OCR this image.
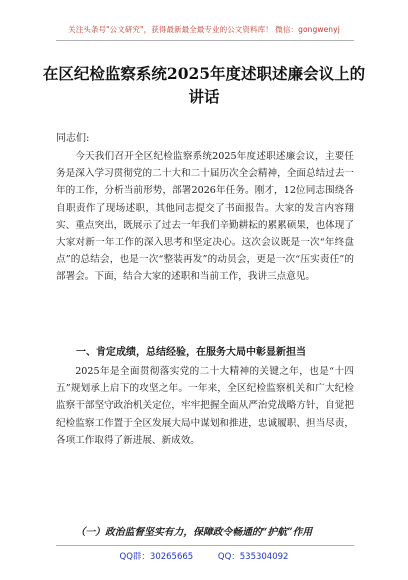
关注头条号"公文研究"，获得最新最全最专业的公文资料库！ 微信：gongwenyj
在区纪检监察系统2025年度述职述廉会议上的讲话
同志们:

今天我们召开全区纪检监察系统2025年度述职述廉会议，主要任务是深入学习贯彻党的二十大和二十届历次全会精神，全面总结过去一年的工作，分析当前形势，部署2026年任务。刚才，12位同志围绕各自职责作了现场述职，其他同志提交了书面报告。大家的发言内容翔实、重点突出，既展示了过去一年我们辛勤耕耘的累累硕果，也体现了大家对新一年工作的深入思考和坚定决心。这次会议既是一次“年终盘点”的总结会，也是一次“整装再发”的动员会，更是一次“压实责任”的部署会。下面，结合大家的述职和当前工作，我讲三点意见。

一、肯定成绩，总结经验，在服务大局中彰显新担当

2025年是全面贯彻落实党的二十大精神的关键之年，也是“十四五”规划承上启下的攻坚之年。一年来，全区纪检监察机关和广大纪检监察干部坚守政治机关定位，牢牢把握全面从严治党战略方针，自觉把纪检监察工作置于全区发展大局中谋划和推进，忠诚履职、担当尽责，各项工作取得了新进展、新成效。

（一）政治监督坚实有力，保障政令畅通的“护航”作用

QQ群：30265665	QQ：535304092
